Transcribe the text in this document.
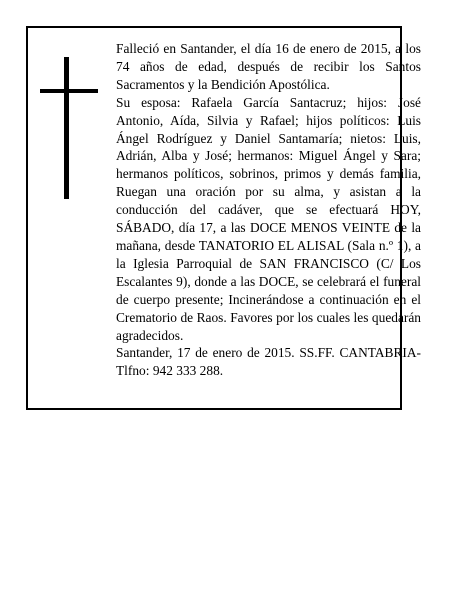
Falleció en Santander, el día 16 de enero de 2015, a los 74 años de edad, después de recibir los Santos Sacramentos y la Bendición Apostólica.

Su esposa: Rafaela García Santacruz; hijos: José Antonio, Aída, Silvia y Rafael; hijos políticos: Luis Ángel Rodríguez y Daniel Santamaría; nietos: Luis, Adrián, Alba y José; hermanos: Miguel Ángel y Sara; hermanos políticos, sobrinos, primos y demás familia, Ruegan una oración por su alma, y asistan a la conducción del cadáver, que se efectuará HOY, SÁBADO, día 17, a las DOCE MENOS VEINTE de la mañana, desde TANATORIO EL ALISAL (Sala n.º 1), a la Iglesia Parroquial de SAN FRANCISCO (C/ Los Escalantes 9), donde a las DOCE, se celebrará el funeral de cuerpo presente; Incinerándose a continuación en el Crematorio de Raos. Favores por los cuales les quedarán agradecidos.

Santander, 17 de enero de 2015. SS.FF. CANTABRIA-Tlfno: 942 333 288.
